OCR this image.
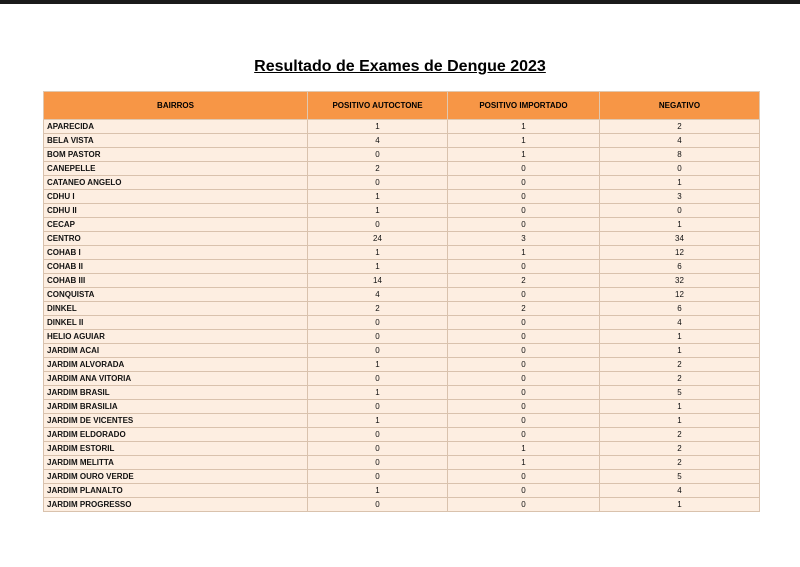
Resultado de Exames de Dengue 2023
BAIRROS	POSITIVO AUTOCTONE	POSITIVO IMPORTADO	NEGATIVO
APARECIDA	1	1	2
BELA VISTA	4	1	4
BOM PASTOR	0	1	8
CANEPELLE	2	0	0
CATANEO ANGELO	0	0	1
CDHU I	1	0	3
CDHU II	1	0	0
CECAP	0	0	1
CENTRO	24	3	34
COHAB I	1	1	12
COHAB II	1	0	6
COHAB III	14	2	32
CONQUISTA	4	0	12
DINKEL	2	2	6
DINKEL II	0	0	4
HELIO AGUIAR	0	0	1
JARDIM ACAI	0	0	1
JARDIM ALVORADA	1	0	2
JARDIM ANA VITORIA	0	0	2
JARDIM BRASIL	1	0	5
JARDIM BRASILIA	0	0	1
JARDIM DE VICENTES	1	0	1
JARDIM ELDORADO	0	0	2
JARDIM ESTORIL	0	1	2
JARDIM MELITTA	0	1	2
JARDIM OURO VERDE	0	0	5
JARDIM PLANALTO	1	0	4
JARDIM PROGRESSO	0	0	1
